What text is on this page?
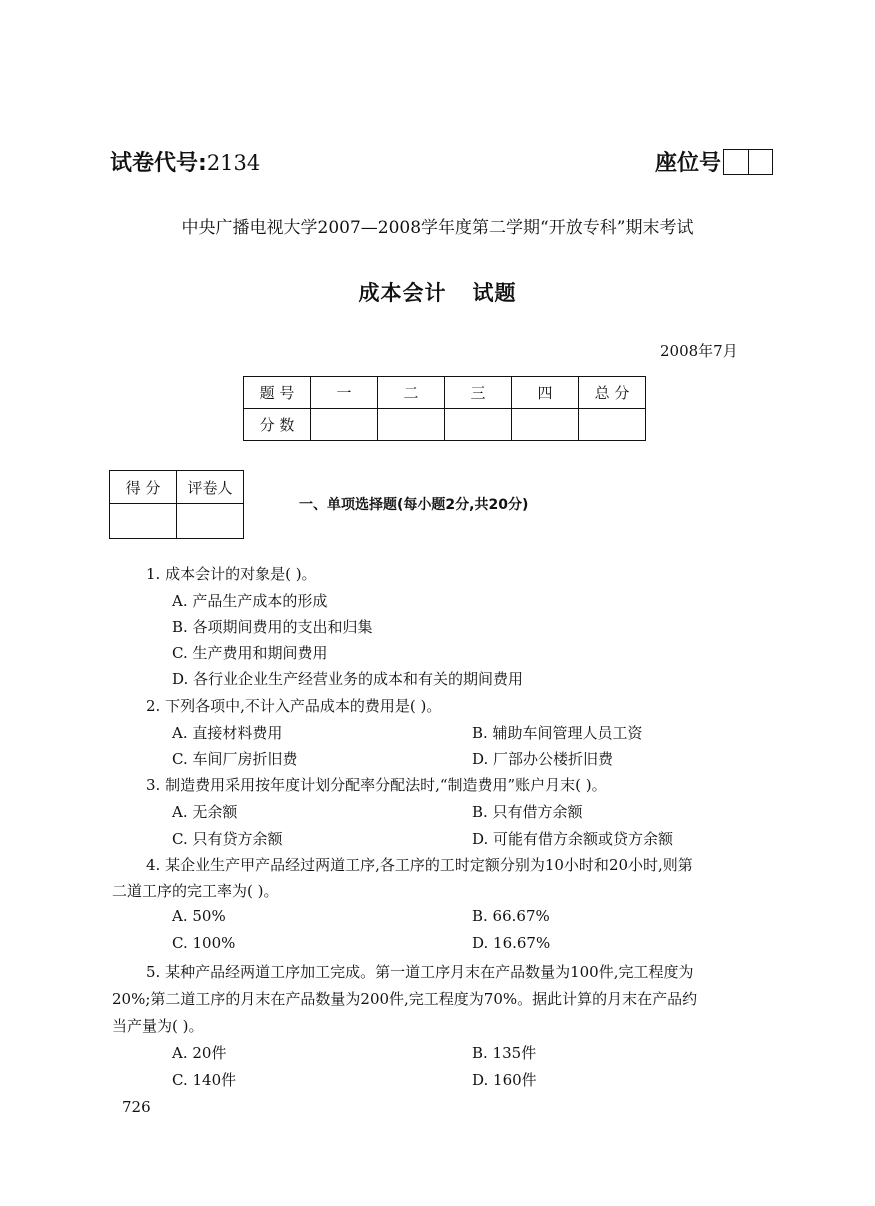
试卷代号:2134	座位号
中央广播电视大学2007—2008学年度第二学期“开放专科”期末考试
成本会计 试题
2008年7月
题 号	一	二	三	四	总 分
分 数					
得 分	评卷人

一、单项选择题(每小题2分,共20分)
1. 成本会计的对象是( )。
A. 产品生产成本的形成
B. 各项期间费用的支出和归集
C. 生产费用和期间费用
D. 各行业企业生产经营业务的成本和有关的期间费用
2. 下列各项中,不计入产品成本的费用是( )。
A. 直接材料费用	B. 辅助车间管理人员工资
C. 车间厂房折旧费	D. 厂部办公楼折旧费
3. 制造费用采用按年度计划分配率分配法时,“制造费用”账户月末( )。
A. 无余额	B. 只有借方余额
C. 只有贷方余额	D. 可能有借方余额或贷方余额
4. 某企业生产甲产品经过两道工序,各工序的工时定额分别为10小时和20小时,则第
二道工序的完工率为( )。
A. 50%	B. 66.67%
C. 100%	D. 16.67%
5. 某种产品经两道工序加工完成。第一道工序月末在产品数量为100件,完工程度为
20%;第二道工序的月末在产品数量为200件,完工程度为70%。据此计算的月末在产品约
当产量为( )。
A. 20件	B. 135件
C. 140件	D. 160件
726
